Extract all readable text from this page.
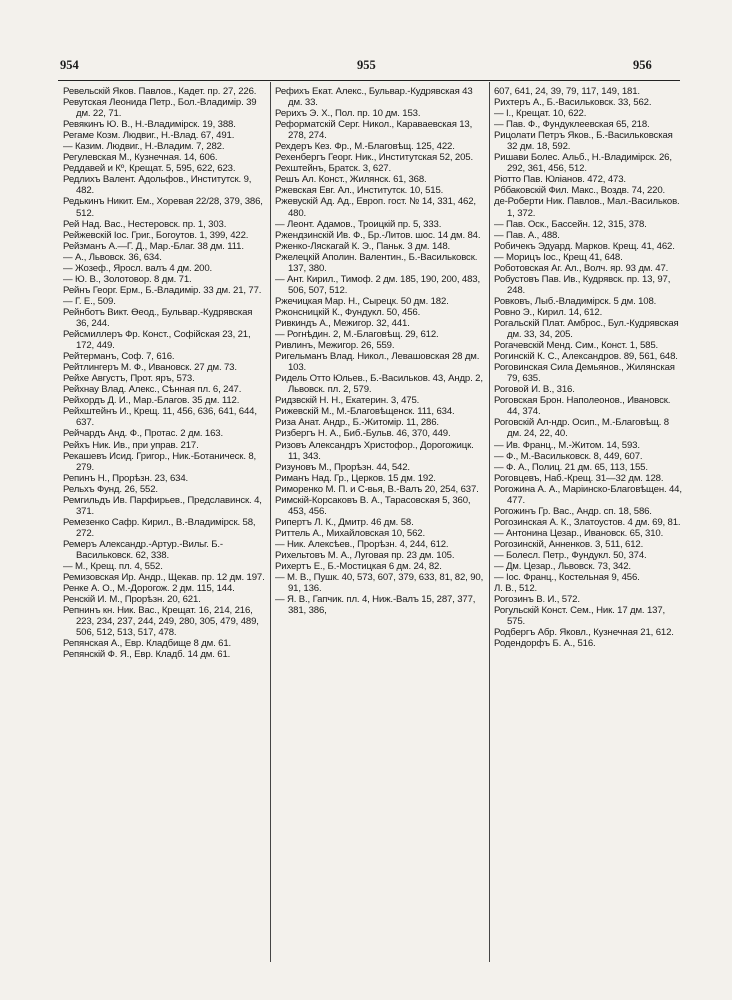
954	955	956

Ревельскій Яков. Павлов., Кадет. пр. 27, 226.

Ревутская Леонида Петр., Бол.-Владимір. 39 дм. 22, 71.

Ревякинъ Ю. В., Н.-Владимірск. 19, 388.

Регаме Козм. Людвиг., Н.-Влад. 67, 491.

— Казим. Людвиг., Н.-Владим. 7, 282.

Регулевская М., Кузнечная. 14, 606.

Реддавей и Кº, Крещат. 5, 595, 622, 623.

Редлихъ Валент. Адольфов., Институтск. 9, 482.

Редькинъ Никит. Ем., Хоревая 22/28, 379, 386, 512.

Рей Над. Вас., Нестеровск. пр. 1, 303.

Рейжевскій Іос. Григ., Богоутов. 1, 399, 422.

Рейзманъ А.—Г. Д., Мар.-Благ. 38 дм. 111.

— А., Львовск. 36, 634.

— Жозеф., Яросл. валъ 4 дм. 200.

— Ю. В., Золотовор. 8 дм. 71.

Рейнъ Георг. Ерм., Б.-Владимір. 33 дм. 21, 77.

— Г. Е., 509.

Рейнботъ Викт. Ѳеод., Бульвар.-Кудрявская 36, 244.

Рейсмиллеръ Фр. Конст., Софійская 23, 21, 172, 449.

Рейтерманъ, Соф. 7, 616.

Рейтлингеръ М. Ф., Ивановск. 27 дм. 73.

Рейхе Августъ, Прот. яръ, 573.

Рейхнау Влад. Алекс., Сѣнная пл. 6, 247.

Рейхордъ Д. И., Мар.-Благов. 35 дм. 112.

Рейхштейнъ И., Крещ. 11, 456, 636, 641, 644, 637.

Рейчардъ Анд. Ф., Протас. 2 дм. 163.

Рейхъ Ник. Ив., при управ. 217.

Рекашевъ Исид. Григор., Ник.-Ботаническ. 8, 279.

Репинъ Н., Прорѣзн. 23, 634.

Рельхъ Фунд. 26, 552.

Ремгильдъ Ив. Парфирьев., Предславинск. 4, 371.

Ремезенко Сафр. Кирил., В.-Владимірск. 58, 272.

Ремеръ Александр.-Артур.-Вильг. Б.-Васильковск. 62, 338.

— М., Крещ. пл. 4, 552.

Ремизовская Ир. Андр., Щекав. пр. 12 дм. 197.

Ренке А. О., М.-Дорогож. 2 дм. 115, 144.

Ренскій И. М., Прорѣзн. 20, 621.

Репнинъ кн. Ник. Вас., Крещат. 16, 214, 216, 223, 234, 237, 244, 249, 280, 305, 479, 489, 506, 512, 513, 517, 478.

Репянская А., Евр. Кладбище 8 дм. 61.

Репянскій Ф. Я., Евр. Кладб. 14 дм. 61.

Рефихъ Екат. Алекс., Бульвар.-Кудрявская 43 дм. 33.

Рерихъ Э. Х., Пол. пр. 10 дм. 153.

Реформатскій Серг. Никол., Караваевская 13, 278, 274.

Рехдеръ Кез. Фр., М.-Благовѣщ. 125, 422.

Рехенбергъ Георг. Ник., Институтская 52, 205.

Рехштейнъ, Братск. 3, 627.

Решъ Ал. Конст., Жилянск. 61, 368.

Ржевская Евг. Ал., Институтск. 10, 515.

Ржевускій Ад. Ад., Европ. гост. № 14, 331, 462, 480.

— Леонт. Адамов., Троицкій пр. 5, 333.

Ржендзинскій Ив. Ф., Бр.-Литов. шос. 14 дм. 84.

Рженко-Ляскагай К. Э., Паньк. 3 дм. 148.

Ржелецкій Аполин. Валентин., Б.-Васильковск. 137, 380.

— Ант. Кирил., Тимоф. 2 дм. 185, 190, 200, 483, 506, 507, 512.

Ржечицкая Мар. Н., Сырецк. 50 дм. 182.

Ржонсницкій К., Фундукл. 50, 456.

Ривкиндъ А., Межигор. 32, 441.

— Рогнѣдин. 2, М.-Благовѣщ. 29, 612.

Ривлинъ, Межигор. 26, 559.

Ригельманъ Влад. Никол., Левашовская 28 дм. 103.

Ридель Отто Юльев., Б.-Васильков. 43, Андр. 2, Львовск. пл. 2, 579.

Ридзвскій Н. Н., Екатерин. 3, 475.

Рижевскій М., М.-Благовѣщенск. 111, 634.

Риза Анат. Андр., Б.-Житомір. 11, 286.

Ризбергъ Н. А., Биб.-Бульв. 46, 370, 449.

Ризовъ Александръ Христофор., Дорогожицк. 11, 343.

Ризуновъ М., Прорѣзн. 44, 542.

Риманъ Над. Гр., Церков. 15 дм. 192.

Риморенко М. П. и С-вья, В.-Валъ 20, 254, 637.

Римскій-Корсаковъ В. А., Тарасовская 5, 360, 453, 456.

Рипертъ Л. К., Дмитр. 46 дм. 58.

Риттель А., Михайловская 10, 562.

— Ник. Алексѣев., Прорѣзн. 4, 244, 612.

Рихельтовъ М. А., Луговая пр. 23 дм. 105.

Рихертъ Е., Б.-Мостицкая 6 дм. 24, 82.

— М. В., Пушк. 40, 573, 607, 379, 633, 81, 82, 90, 91, 136.

— Я. В., Гапчик. пл. 4, Ниж.-Валъ 15, 287, 377, 381, 386,

607, 641, 24, 39, 79, 117, 149, 181.

Рихтеръ А., Б.-Васильковск. 33, 562.

— І., Крещат. 10, 622.

— Пав. Ф., Фундуклеевская 65, 218.

Рицолати Петръ Яков., Б.-Васильковская 32 дм. 18, 592.

Ришави Болес. Альб., Н.-Владимірск. 26, 292, 361, 456, 512.

Ріотто Пав. Юліанов. 472, 473.

Рббаковскій Фил. Макс., Воздв. 74, 220.

де-Роберти Ник. Павлов., Мал.-Васильков. 1, 372.

— Пав. Оск., Бассейн. 12, 315, 378.

— Пав. А., 488.

Робичекъ Эдуард. Марков. Крещ. 41, 462.

— Морицъ Іос., Крещ 41, 648.

Роботовская Аг. Ал., Волч. яр. 93 дм. 47.

Робустовъ Пав. Ив., Кудрявск. пр. 13, 97, 248.

Ровковъ, Лыб.-Владимірск. 5 дм. 108.

Ровно Э., Кирил. 14, 612.

Рогальскій Плат. Амброс., Бул.-Кудрявская дм. 33, 34, 205.

Рогачевскій Менд. Сим., Конст. 1, 585.

Рогинскій К. С., Александров. 89, 561, 648.

Роговинская Сила Демьянов., Жилянская 79, 635.

Роговой И. В., 316.

Роговская Брон. Наполеонов., Ивановск. 44, 374.

Роговскій Ал-ндр. Осип., М.-Благовѣщ. 8 дм. 24, 22, 40.

— Ив. Франц., М.-Житом. 14, 593.

— Ф., М.-Васильковск. 8, 449, 607.

— Ф. А., Полиц. 21 дм. 65, 113, 155.

Роговцевъ, Наб.-Крещ. 31—32 дм. 128.

Рогожина А. А., Маріинско-Благовѣщен. 44, 477.

Рогожинъ Гр. Вас., Андр. сп. 18, 586.

Рогозинская А. К., Златоустов. 4 дм. 69, 81.

— Антонина Цезар., Ивановск. 65, 310.

Рогозинскій, Анненков. 3, 511, 612.

— Болесл. Петр., Фундукл. 50, 374.

— Дм. Цезар., Львовск. 73, 342.

— Іос. Франц., Костельная 9, 456.

Л. В., 512.

Рогозинъ В. И., 572.

Рогульскій Конст. Сем., Ник. 17 дм. 137, 575.

Родбергъ Абр. Яковл., Кузнечная 21, 612.

Родендорфъ Б. А., 516.
